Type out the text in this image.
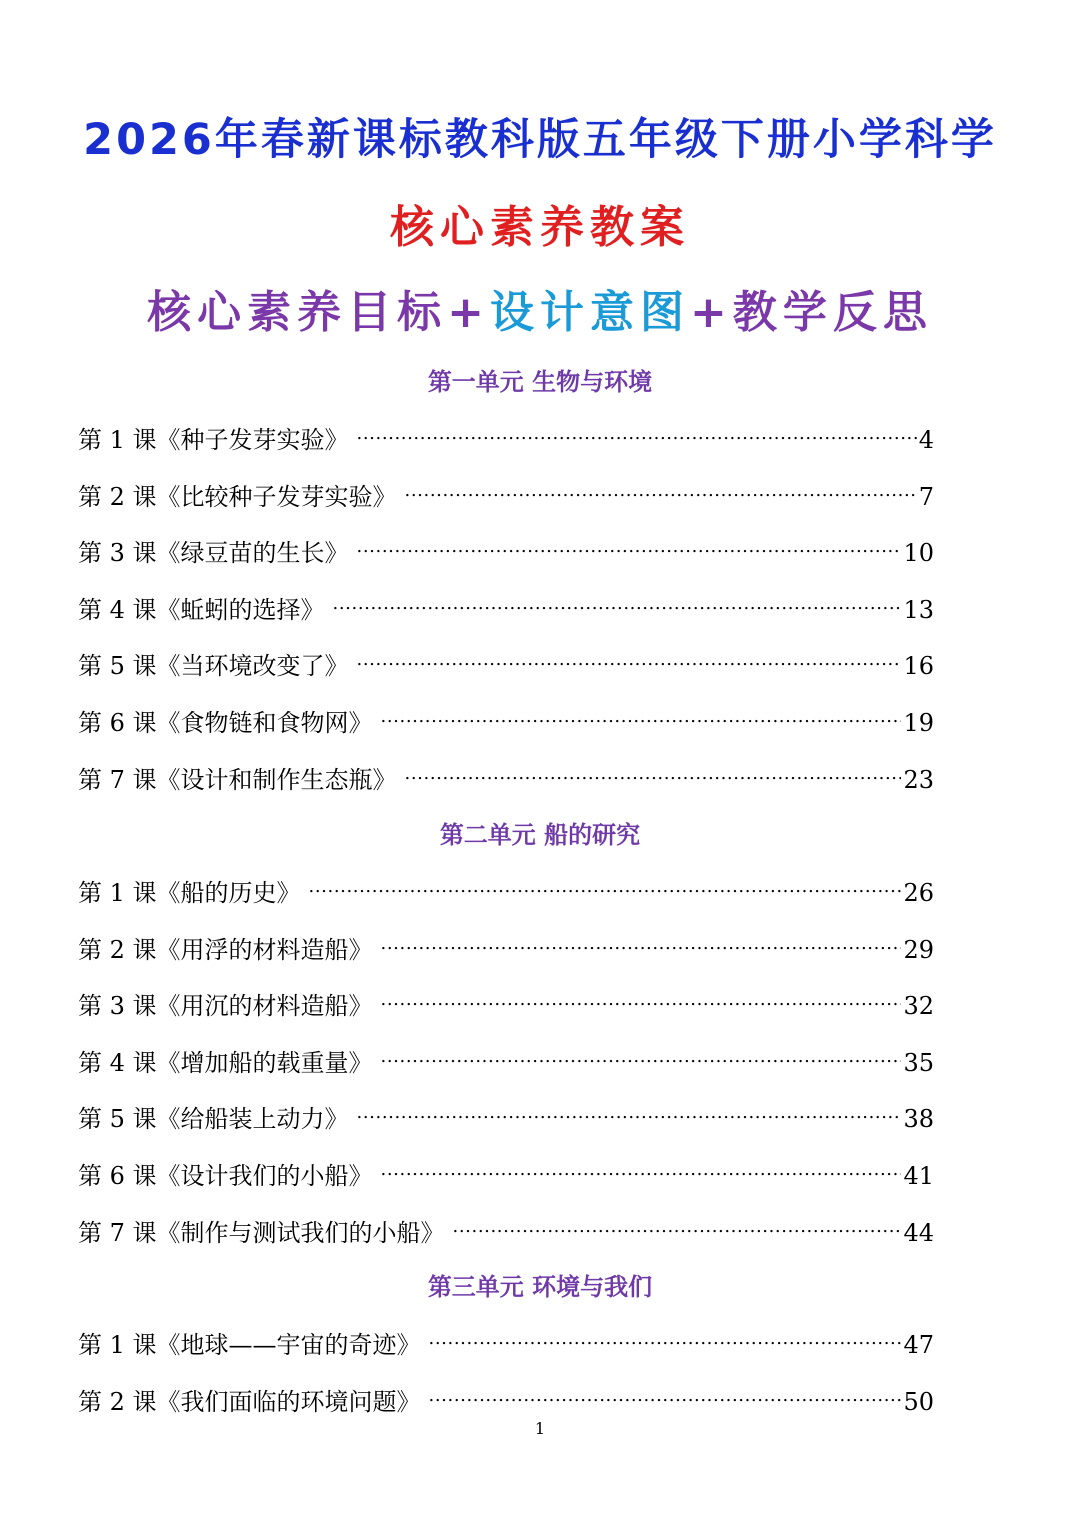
2026年春新课标教科版五年级下册小学科学
核心素养教案
核心素养目标+设计意图+教学反思
第一单元 生物与环境
第 1 课《种子发芽实验》 .....	4
第 2 课《比较种子发芽实验》 .....	7
第 3 课《绿豆苗的生长》 .....	10
第 4 课《蚯蚓的选择》 .....	13
第 5 课《当环境改变了》 .....	16
第 6 课《食物链和食物网》 .....	19
第 7 课《设计和制作生态瓶》 .....	23
第二单元 船的研究
第 1 课《船的历史》 .....	26
第 2 课《用浮的材料造船》 .....	29
第 3 课《用沉的材料造船》 .....	32
第 4 课《增加船的载重量》 .....	35
第 5 课《给船装上动力》 .....	38
第 6 课《设计我们的小船》 .....	41
第 7 课《制作与测试我们的小船》 .....	44
第三单元 环境与我们
第 1 课《地球——宇宙的奇迹》 .....	47
第 2 课《我们面临的环境问题》 .....	50
1
